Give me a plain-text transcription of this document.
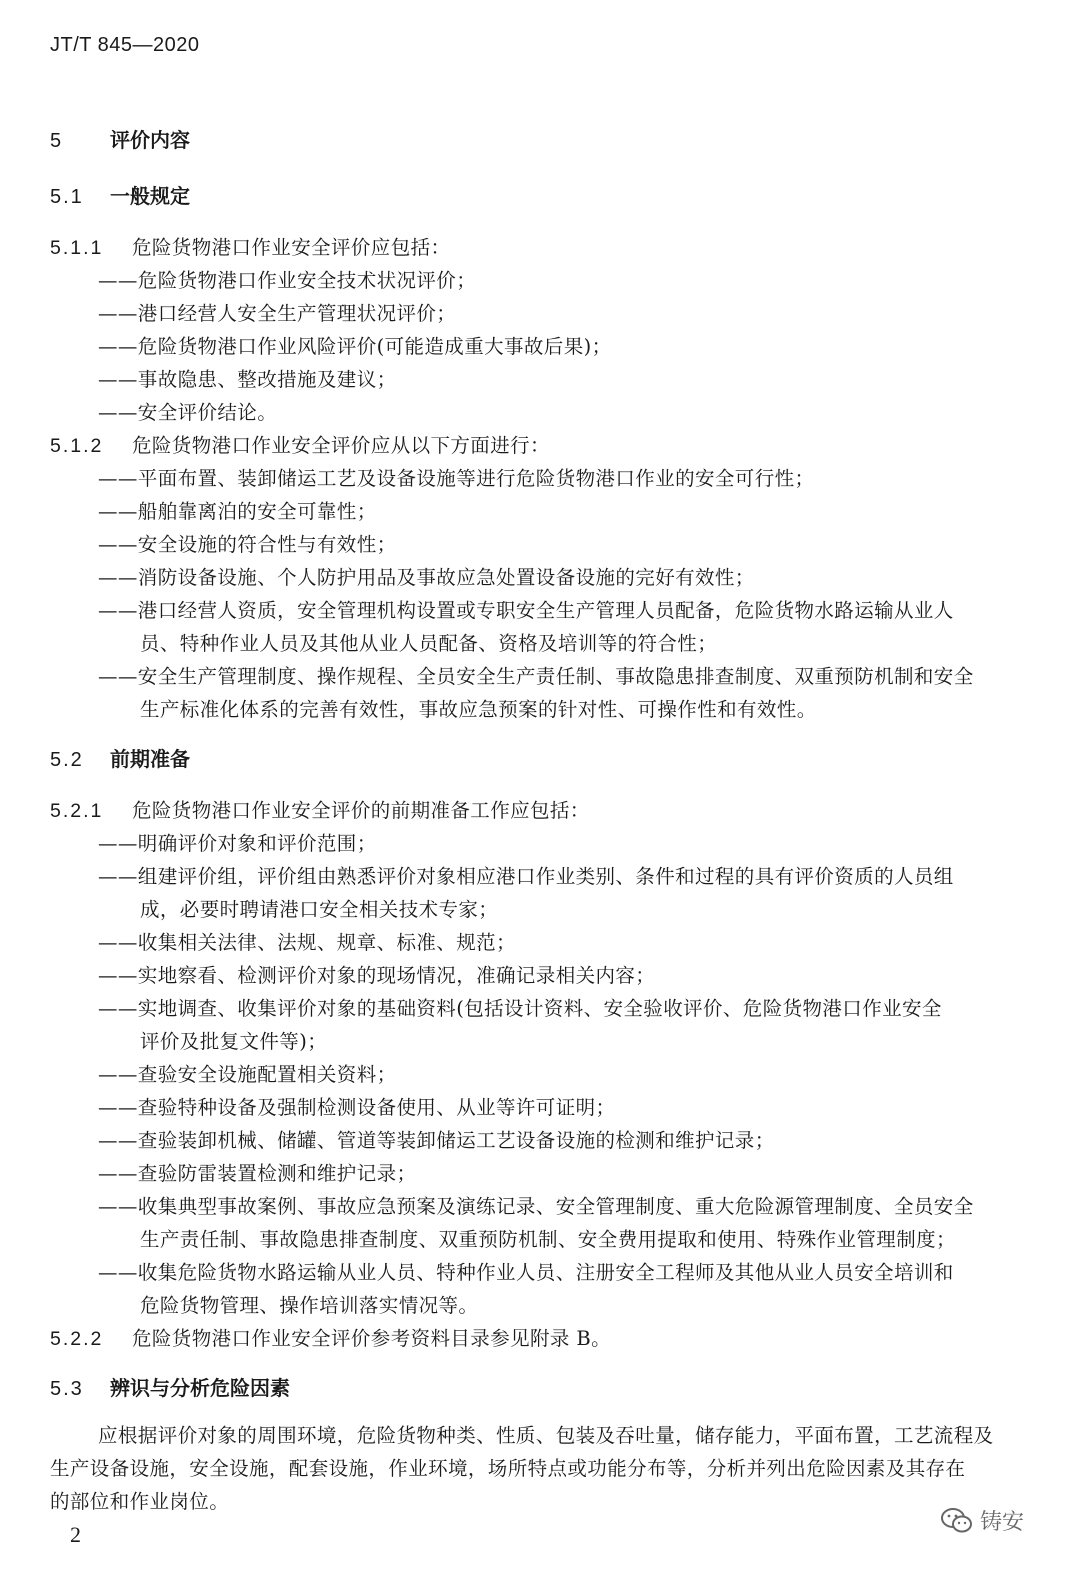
JT/T 845—2020
5 评价内容
5.1 一般规定
5.1.1 危险货物港口作业安全评价应包括：
——危险货物港口作业安全技术状况评价；
——港口经营人安全生产管理状况评价；
——危险货物港口作业风险评价(可能造成重大事故后果)；
——事故隐患、整改措施及建议；
——安全评价结论。
5.1.2 危险货物港口作业安全评价应从以下方面进行：
——平面布置、装卸储运工艺及设备设施等进行危险货物港口作业的安全可行性；
——船舶靠离泊的安全可靠性；
——安全设施的符合性与有效性；
——消防设备设施、个人防护用品及事故应急处置设备设施的完好有效性；
——港口经营人资质，安全管理机构设置或专职安全生产管理人员配备，危险货物水路运输从业人
员、特种作业人员及其他从业人员配备、资格及培训等的符合性；
——安全生产管理制度、操作规程、全员安全生产责任制、事故隐患排查制度、双重预防机制和安全
生产标准化体系的完善有效性，事故应急预案的针对性、可操作性和有效性。
5.2 前期准备
5.2.1 危险货物港口作业安全评价的前期准备工作应包括：
——明确评价对象和评价范围；
——组建评价组，评价组由熟悉评价对象相应港口作业类别、条件和过程的具有评价资质的人员组
成，必要时聘请港口安全相关技术专家；
——收集相关法律、法规、规章、标准、规范；
——实地察看、检测评价对象的现场情况，准确记录相关内容；
——实地调查、收集评价对象的基础资料(包括设计资料、安全验收评价、危险货物港口作业安全
评价及批复文件等)；
——查验安全设施配置相关资料；
——查验特种设备及强制检测设备使用、从业等许可证明；
——查验装卸机械、储罐、管道等装卸储运工艺设备设施的检测和维护记录；
——查验防雷装置检测和维护记录；
——收集典型事故案例、事故应急预案及演练记录、安全管理制度、重大危险源管理制度、全员安全
生产责任制、事故隐患排查制度、双重预防机制、安全费用提取和使用、特殊作业管理制度；
——收集危险货物水路运输从业人员、特种作业人员、注册安全工程师及其他从业人员安全培训和
危险货物管理、操作培训落实情况等。
5.2.2 危险货物港口作业安全评价参考资料目录参见附录 B。
5.3 辨识与分析危险因素
应根据评价对象的周围环境，危险货物种类、性质、包装及吞吐量，储存能力，平面布置，工艺流程及
生产设备设施，安全设施，配套设施，作业环境，场所特点或功能分布等，分析并列出危险因素及其存在
的部位和作业岗位。
2	铸安
